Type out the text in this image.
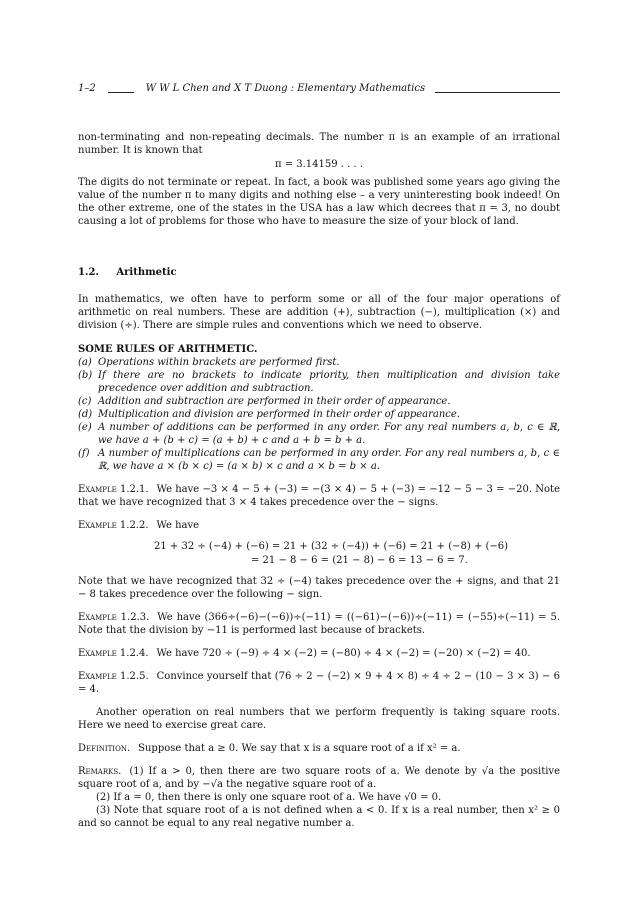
1–2	W W L Chen and X T Duong : Elementary Mathematics

non-terminating and non-repeating decimals. The number π is an example of an irrational number. It is known that

π = 3.14159 . . . .

The digits do not terminate or repeat. In fact, a book was published some years ago giving the value of the number π to many digits and nothing else – a very uninteresting book indeed! On the other extreme, one of the states in the USA has a law which decrees that π = 3, no doubt causing a lot of problems for those who have to measure the size of your block of land.

1.2. Arithmetic

In mathematics, we often have to perform some or all of the four major operations of arithmetic on real numbers. These are addition (+), subtraction (−), multiplication (×) and division (÷). There are simple rules and conventions which we need to observe.

SOME RULES OF ARITHMETIC.
(a) Operations within brackets are performed first.
(b) If there are no brackets to indicate priority, then multiplication and division take precedence over addition and subtraction.
(c) Addition and subtraction are performed in their order of appearance.
(d) Multiplication and division are performed in their order of appearance.
(e) A number of additions can be performed in any order. For any real numbers a, b, c ∈ ℝ, we have a + (b + c) = (a + b) + c and a + b = b + a.
(f) A number of multiplications can be performed in any order. For any real numbers a, b, c ∈ ℝ, we have a × (b × c) = (a × b) × c and a × b = b × a.

Example 1.2.1. We have −3 × 4 − 5 + (−3) = −(3 × 4) − 5 + (−3) = −12 − 5 − 3 = −20. Note that we have recognized that 3 × 4 takes precedence over the − signs.

Example 1.2.2. We have

21 + 32 ÷ (−4) + (−6) = 21 + (32 ÷ (−4)) + (−6) = 21 + (−8) + (−6)
= 21 − 8 − 6 = (21 − 8) − 6 = 13 − 6 = 7.

Note that we have recognized that 32 ÷ (−4) takes precedence over the + signs, and that 21 − 8 takes precedence over the following − sign.

Example 1.2.3. We have (366÷(−6)−(−6))÷(−11) = ((−61)−(−6))÷(−11) = (−55)÷(−11) = 5. Note that the division by −11 is performed last because of brackets.

Example 1.2.4. We have 720 ÷ (−9) ÷ 4 × (−2) = (−80) ÷ 4 × (−2) = (−20) × (−2) = 40.

Example 1.2.5. Convince yourself that (76 ÷ 2 − (−2) × 9 + 4 × 8) ÷ 4 ÷ 2 − (10 − 3 × 3) − 6 = 4.

Another operation on real numbers that we perform frequently is taking square roots. Here we need to exercise great care.

Definition. Suppose that a ≥ 0. We say that x is a square root of a if x² = a.

Remarks. (1) If a > 0, then there are two square roots of a. We denote by √a the positive square root of a, and by −√a the negative square root of a.

(2) If a = 0, then there is only one square root of a. We have √0 = 0.

(3) Note that square root of a is not defined when a < 0. If x is a real number, then x² ≥ 0 and so cannot be equal to any real negative number a.
